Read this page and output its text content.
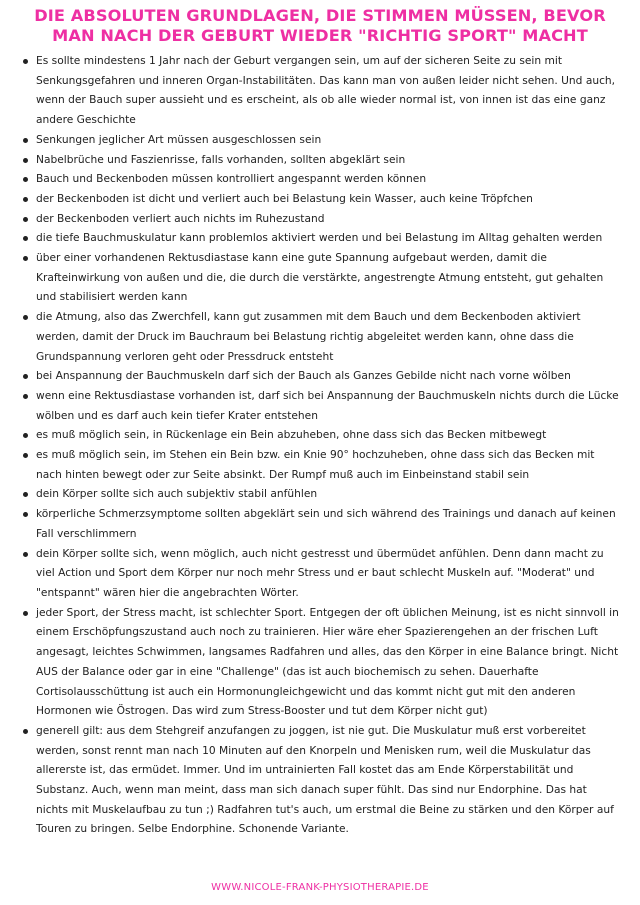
DIE ABSOLUTEN GRUNDLAGEN, DIE STIMMEN MÜSSEN, BEVOR MAN NACH DER GEBURT WIEDER "RICHTIG SPORT" MACHT
Es sollte mindestens 1 Jahr nach der Geburt vergangen sein, um auf der sicheren Seite zu sein mit Senkungsgefahren und inneren Organ-Instabilitäten. Das kann man von außen leider nicht sehen. Und auch, wenn der Bauch super aussieht und es erscheint, als ob alle wieder normal ist, von innen ist das eine ganz andere Geschichte
Senkungen jeglicher Art müssen ausgeschlossen sein
Nabelbrüche und Faszienrisse, falls vorhanden, sollten abgeklärt sein
Bauch und Beckenboden müssen kontrolliert angespannt werden können
der Beckenboden ist dicht und verliert auch bei Belastung kein Wasser, auch keine Tröpfchen
der Beckenboden verliert auch nichts im Ruhezustand
die tiefe Bauchmuskulatur kann problemlos aktiviert werden und bei Belastung im Alltag gehalten werden
über einer vorhandenen Rektusdiastase kann eine gute Spannung aufgebaut werden, damit die Krafteinwirkung von außen und die, die durch die verstärkte, angestrengte Atmung entsteht, gut gehalten und stabilisiert werden kann
die Atmung, also das Zwerchfell, kann gut zusammen mit dem Bauch und dem Beckenboden aktiviert werden, damit der Druck im Bauchraum bei Belastung richtig abgeleitet werden kann, ohne dass die Grundspannung verloren geht oder Pressdruck entsteht
bei Anspannung der Bauchmuskeln darf sich der Bauch als Ganzes Gebilde nicht nach vorne wölben
wenn eine Rektusdiastase vorhanden ist, darf sich bei Anspannung der Bauchmuskeln nichts durch die Lücke wölben und es darf auch kein tiefer Krater entstehen
es muß möglich sein, in Rückenlage ein Bein abzuheben, ohne dass sich das Becken mitbewegt
es muß möglich sein, im Stehen ein Bein bzw. ein Knie 90° hochzuheben, ohne dass sich das Becken mit nach hinten bewegt oder zur Seite absinkt. Der Rumpf muß auch im Einbeinstand stabil sein
dein Körper sollte sich auch subjektiv stabil anfühlen
körperliche Schmerzsymptome sollten abgeklärt sein und sich während des Trainings und danach auf keinen Fall verschlimmern
dein Körper sollte sich, wenn möglich, auch nicht gestresst und übermüdet anfühlen. Denn dann macht zu viel Action und Sport dem Körper nur noch mehr Stress und er baut schlecht Muskeln auf. "Moderat" und "entspannt" wären hier die angebrachten Wörter.
jeder Sport, der Stress macht, ist schlechter Sport. Entgegen der oft üblichen Meinung, ist es nicht sinnvoll in einem Erschöpfungszustand auch noch zu trainieren. Hier wäre eher Spazierengehen an der frischen Luft angesagt, leichtes Schwimmen, langsames Radfahren und alles, das den Körper in eine Balance bringt. Nicht AUS der Balance oder gar in eine "Challenge" (das ist auch biochemisch zu sehen. Dauerhafte Cortisolausschüttung ist auch ein Hormonungleichgewicht und das kommt nicht gut mit den anderen Hormonen wie Östrogen. Das wird zum Stress-Booster und tut dem Körper nicht gut)
generell gilt: aus dem Stehgreif anzufangen zu joggen, ist nie gut. Die Muskulatur muß erst vorbereitet werden, sonst rennt man nach 10 Minuten auf den Knorpeln und Menisken rum, weil die Muskulatur das allererste ist, das ermüdet. Immer. Und im untrainierten Fall kostet das am Ende Körperstabilität und Substanz. Auch, wenn man meint, dass man sich danach super fühlt. Das sind nur Endorphine. Das hat nichts mit Muskelaufbau zu tun ;) Radfahren tut's auch, um erstmal die Beine zu stärken und den Körper auf Touren zu bringen. Selbe Endorphine. Schonende Variante.
WWW.NICOLE-FRANK-PHYSIOTHERAPIE.DE
